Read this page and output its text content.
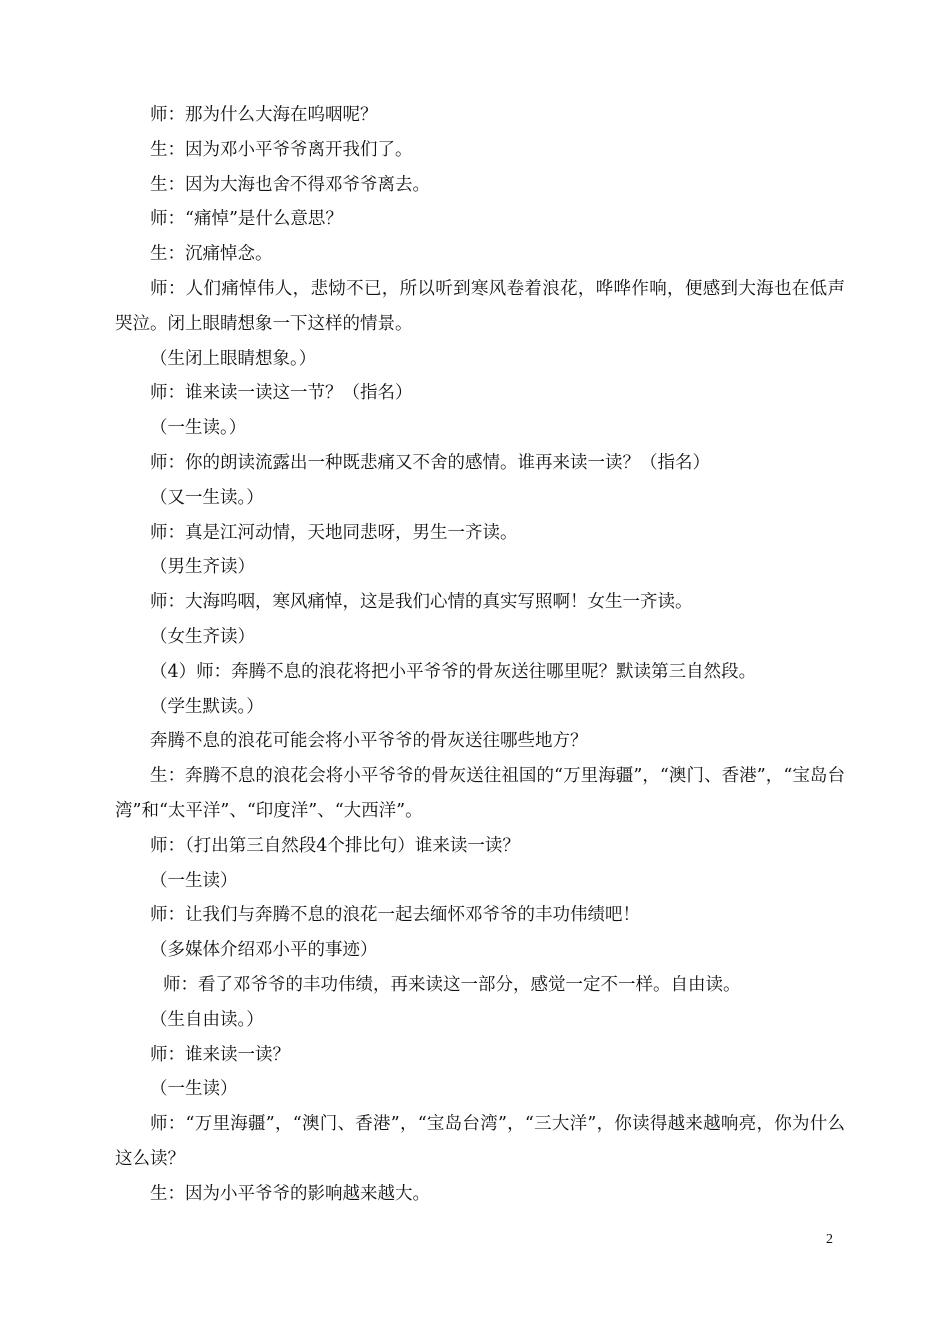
师：那为什么大海在呜咽呢？

生：因为邓小平爷爷离开我们了。

生：因为大海也舍不得邓爷爷离去。

师：“痛悼”是什么意思？

生：沉痛悼念。

师：人们痛悼伟人，悲恸不已，所以听到寒风卷着浪花，哗哗作响，便感到大海也在低声哭泣。闭上眼睛想象一下这样的情景。

（生闭上眼睛想象。）

师：谁来读一读这一节？（指名）

（一生读。）

师：你的朗读流露出一种既悲痛又不舍的感情。谁再来读一读？（指名）

（又一生读。）

师：真是江河动情，天地同悲呀，男生一齐读。

（男生齐读）

师：大海呜咽，寒风痛悼，这是我们心情的真实写照啊！女生一齐读。

（女生齐读）

（4）师：奔腾不息的浪花将把小平爷爷的骨灰送往哪里呢？默读第三自然段。

（学生默读。）

奔腾不息的浪花可能会将小平爷爷的骨灰送往哪些地方？

生：奔腾不息的浪花会将小平爷爷的骨灰送往祖国的“万里海疆”，“澳门、香港”，“宝岛台湾”和“太平洋”、“印度洋”、“大西洋”。

师：（打出第三自然段4个排比句）谁来读一读？

（一生读）

师：让我们与奔腾不息的浪花一起去缅怀邓爷爷的丰功伟绩吧！

（多媒体介绍邓小平的事迹）

师：看了邓爷爷的丰功伟绩，再来读这一部分，感觉一定不一样。自由读。

（生自由读。）

师：谁来读一读？

（一生读）

师：“万里海疆”，“澳门、香港”，“宝岛台湾”，“三大洋”，你读得越来越响亮，你为什么这么读？

生：因为小平爷爷的影响越来越大。

2
